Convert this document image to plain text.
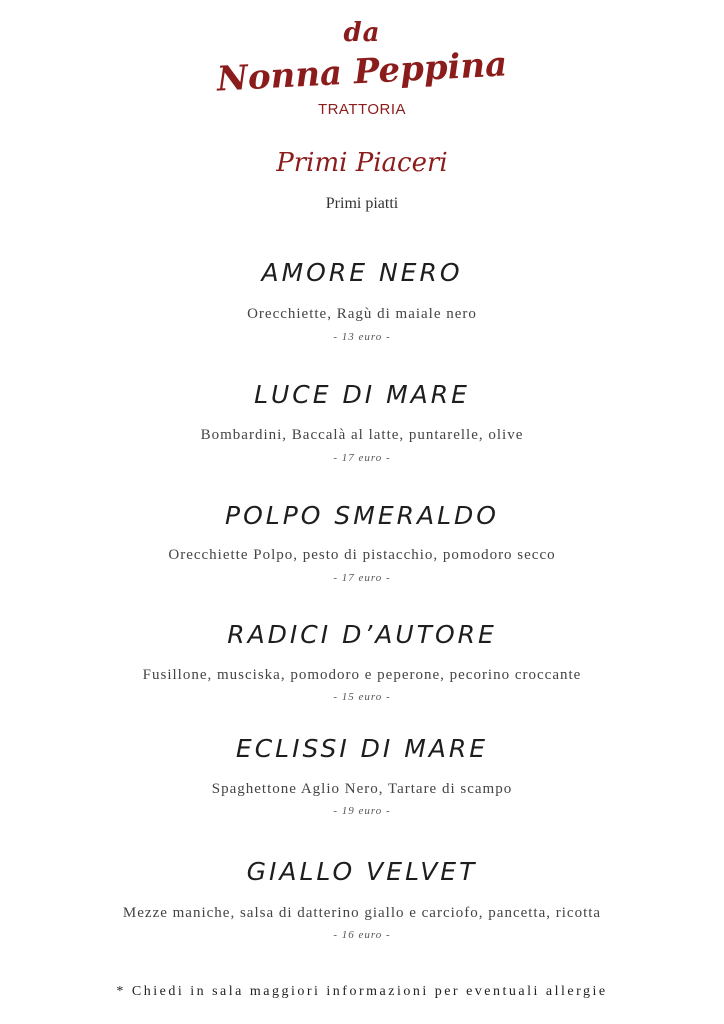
da
Nonna Peppina
TRATTORIA
Primi Piaceri
Primi piatti
AMORE NERO
Orecchiette, Ragù di maiale nero
- 13 euro -
LUCE DI MARE
Bombardini, Baccalà al latte, puntarelle, olive
- 17 euro -
POLPO SMERALDO
Orecchiette Polpo, pesto di pistacchio, pomodoro secco
- 17 euro -
RADICI D’AUTORE
Fusillone, musciska, pomodoro e peperone, pecorino croccante
- 15 euro -
ECLISSI DI MARE
Spaghettone Aglio Nero, Tartare di scampo
- 19 euro -
GIALLO VELVET
Mezze maniche, salsa di datterino giallo e carciofo, pancetta, ricotta
- 16 euro -
* Chiedi in sala maggiori informazioni per eventuali allergie
